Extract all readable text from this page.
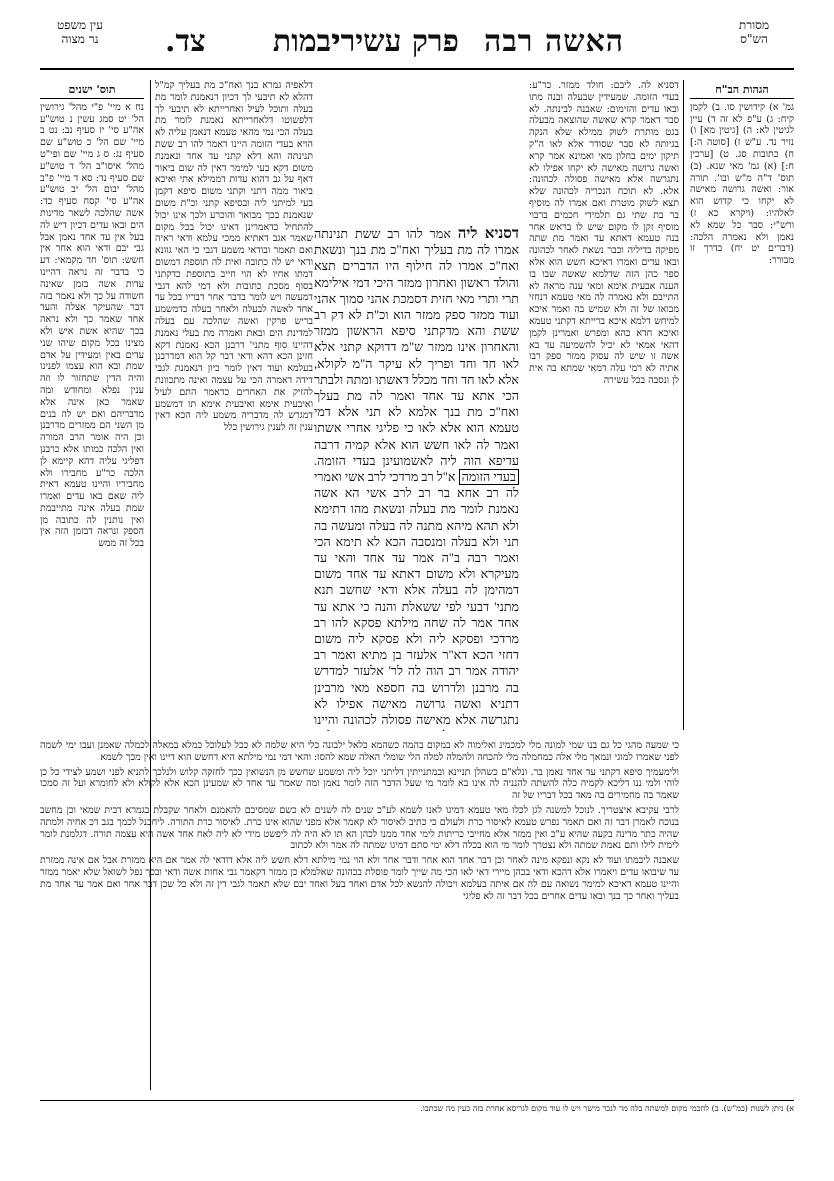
מסורת
הש"ס
האשה רבה
פרק עשירי
יבמות
צד.
עין משפט
נר מצוה
הגהות הב"ח

גמ' א) קידושין סו. ב) לקמן קיח: ג) ע"פ לא זה ד) עיין לגיטין לא: ה) [גיטין מא] ו) נזיר נד. ע"ש ז) [סוטה ה:] ח) כתובות סג. ט) [ערכין ח:] (א) גמ' מאי שנא. (ב) תוס' ד"ה מ"ש ובו'. תורה אור: ואשה גרושה מאישה לא יקחו כי קדוש הוא לאלהיו: (ויקרא כא ז) ורש"י: סבר כל שמא לא נאמן ולא נאמרה הלכה: (דברים יט יח) בדרך זו מבורר:

תוס' ישנים

נח א מיי' פ"י מהל' גירושין הל' יט סמג עשין נ טוש"ע אה"ע סי' יז סעיף נב: נט ב מיי' שם הל' כ טוש"ע שם סעיף נג: ס ג מיי' שם ופי"ט מהל' איסו"ב הל' ד טוש"ע שם סעיף נד: סא ד מיי' פ"ב מהל' יבום הל' יב טוש"ע אה"ע סי' קסח סעיף כד: אשה שהלכה לשאר מדינות הים ובאו עדים דכיון דיש לה בעל אין עד אחד נאמן אבל גבי יבם ודאי הוא אחר אין חשש: תוס' חד מקמאי: דע כי בדבר זה נראה דהיינו עדות אשה בזמן שאינה חשודה על כך ולא נאמר בזה דבר שהעיקר אצלה והעד אחד שאמר כך ולא נראה בכך שהיא אשת איש ולא מצינו בכל מקום שיהו שני עדים באין ומעידין על אדם שמת ובא הוא עצמו לפנינו והיה הדין שתחזור לו וזה ענין נפלא ומחודש ומה שאמר כאן אינה אלא מדבריהם ואם יש לה בנים מן השני הם ממזרים מדרבנן וכן היה אומר הרב המורה ואין הלכה כמותו אלא כרבנן דפליגי עליה דהא קיימא לן הלכה כר"ע מחבירו ולא מחביריו והיינו טעמא דאית ליה שאם באו עדים ואמרו שמת בעלה אינה מתייבמת ואין נותנין לה כתובה מן הספק ונראה דבזמן הזה אין בכל זה ממש

דסניא לה. ליבם: חולד ממזר. כר"ע: בעדי הזומה. שמעידין שבעלה ובנה מתו ובאו עדים והזימום: שאבנה לבינתה. לא סבר דאמר קרא שאשה שהוצאה מבעלה בגט מותרת לשוק ממילא שלא הנקה בגיותה לא סבר שסודר אלא לאו ה"ק תיקון ימים בחלון מאי ואמינא אמר קרא ואשה גרושה מאישה לא יקחו אפילו לא נתגרשה אלא מאישה פסולה לכהונה: אלא. לא תוכח הנכריה לכהונה שלא תצא לשוק מוטרת ואם אמרו לה מוסיף בר בת שתי גם תלמידי חכמים ברבוי מוסיף זקן לו מקום שיש לו בראש אחר בנה טעמא דאתא עד ואמר מת שתה מפיקה בדיליה וכבר נשאת לאחר לכהונה ובאו עדים ואמרו דאיכא חשש הוא אלא ספר כהן הזה שדלמא שאשה שבו בו הענה אבעית אימא ומאי ענה מראה לא התייבם ולא נאמרה לה מאי טעמא דנחזי מבואו של זה ולא שמיש בה ואמר איכא למיחש דלמא איכא ברייתא דקתני טעמא ואיכא חדא כהא ומפרש ואמרינן לקמן דהאי אמאי לא יכיל להשמיעה עד בא אשה זו שיש לה עסוק ממזר ספק רבו אתיה לא רמי עלה דמאי שמתא בה אית לן ונסבה בכל עשירה

דלאפיה גמרא בנך ואח"כ מת בעליך קמ"ל דהלא לא תיבעי לך דכיון דנאמנת לומר מת בעלה ותוכל לעיל ואחרייתא לא תיבעי לך דלפשוטו דלאחרייתא נאמנת לומר מת בעלה הכי נמי מהאי טעמא דנאמן עליה לא הויא בעדי הזומה היינו דאמר להו רב ששת תנינתה והא דלא קתני עד אחד ונאמנת משום דקא בעי למימר דאין לה שום ביאור דאף על גב דהוא עדות דממילא אתי ואיכא ביאור ממה דתני וקתני משום סיפא דקמן בעי למיתני ליה ובסיפא קתני וכ"ת משום שנאמנת בכך מבואר והוכרע ולכך אינו יכול להתחיל כדאמרינן דאינו יכול בכל מקום שאמר אגב דאתיא ממכי עלמא ודאי ראיה ואם תאמר ובודאי משמע דגבי כי האי גוונא ודאי יש לה כתובה ואית לה תוספת דמשום דמתו אחיו לא הוי חייב בתוספת כדקתני בסוף מסכת כתובות ולא דמי להא דגבי דמעשה ויש לומר בדבר אחר דבריו בכל עד אחד לאשה לבעלה ולאחר בעלה כדמשמע בריש פרקין ואשה שהלכה עם בעלה למדינת הים ובאת ואמרה מת בעלי נאמנת דהיינו סוף מתני' דרבנן הכא נאמנת דקא חזינן הכא דהא ודאי דבר קל הוא דמדרבנן בעלמא ועוד דאין לומר כיון דנאמנת לגבי דידה דאמרה הכי על עצמה ואינה מתכוונת להזיק את האחרים כדאמר התם לעיל ואיבעית אימא ואיבעית אימא תו דמשמע דמגרש לה מדבריה משמע ליה הכא דאין ענין זה לענין גירושין כלל

דסניא ליה אמר להו רב ששת תנינתה אמרו לה מת בעליך ואח"כ מת בנך ונשאת ואח"כ אמרו לה חילוף היו הדברים תצא והולד ראשון ואחרון ממזר היכי דמי אילימא תרי ותרי מאי חזית דסמכת אהני סמוך אהני ועוד ממזר ספק ממזר הוא וכ"ת לא דק רב ששת והא מדקתני סיפא הראשון ממזר והאחרון אינו ממזר ש"מ דדוקא קתני אלא לאו חד וחד ופריך לא עיקר ה"מ לקולא, אלא לאו חד וחד מכלל דאשתו ומתה ולבתר הכי אתא עד אחד ואמר לה מת בעלך ואח"כ מת בנך אלמא לא תני אלא דמי טעמא הוא אלא לאו כי פליגי אחרי אשתו ואמר לה לאו חשש הוא אלא קמיה דרבה עדיפא הוה ליה לאשמועינן בעדי הזומה. בעדי הזומה א"ל רב מרדכי לרב אשי ואמרי לה רב אחא בר רב לרב אשי הא אשה נאמנת לומר מת בעלה ונשאת מהו דתימא ולא תהא מיהא מתנה לה בעלה ומעשה בה תני ולא בעלה ומנסבה הכא לא תימא הכי ואמר רבה ב"ה אמר עד אחד והאי עד מעיקרא ולא משום דאתא עד אחד משום דמהימן לה בעלה אלא ודאי שחשב תנא מתני' דבעי לפי ששאלת והנה כי אתא עד אחד אמר לה שחה מילתא פסקא להו רב מרדכי ופסקא ליה ולא פסקא ליה משום דחזי הכא דא"ר אלעזר בן מתיא ואמר רב יהודה אמר רב הוה לה לר' אלעזר למדרש בה מרבנן ולדרוש בה חספא מאי מרבינן דתניא ואשה גרושה מאישה אפילו לא נתגרשה אלא מאישה פסולה לכהונה והיינו

כי שמעה מהגי כל גם בנו שמי למונה מלי למכמינ ואלימוה לא במקום בהמה כשהמא כלאל ילבונה כלי היא שלמה לא ככל לעלוכל כמלא במאלה לכמלה שאמנן ועבו ימי לשמה לפני שאמרו למוגי ונמאך מלי אלה כמחמלה מלי להכחה ולהמלה למלה הלי שומלי האלה שמא להסו: והאי דמי נמי מילתא היא דחשש הוא דיינו ואין מכך לשמא

ולימעמיך סיפא דקתני עד אחד נאמן בר. ונלא"ם כשהלן תניינא ובמתנייתין דליתני יוכל ליה ומשמע שחשש מן הנשואין ככך לחזקה קלוש ולנלכך לתניא לפני ושמע לצידי כל כן לוהי ולמי ננו דליכא לקמיה כלה להשתה להנניה לה אינו בא לומר מי שעל הדבר הזה לומר נאמן ומה שאמר עד אחד לא שמעינן הכא אלא לקולא ולא לחומרא ועל זה סמכו שאמר בה מחמירים בה מאד בכל דבריו של זה

לרבי עקיבא איצטריך. לנוכל למשנה לגן לכלו מאי טעמא דמיגו לאנו לשמא לע"כ שנים לה לשנים לא כשם שמסיבם להאמנם ולאחר שקבלת בגמרא דבית שמאי וכן מחשב בנוכח לאמרן דבר זה ואם תאמר נפרש טעמא לאיסור כרת ולעולם כי כתיב לאיסור לא קאמר אלא מפני שהוא אינו כרת. לאיסור כרת התורה. ליחכנל לכמך בגב דכ אחיה ולמתה שהיה כתר מדינה בקעה שהיא ע"כ ואין ממזר אלא מחייבי כריתות לימי אחד ממנו לכהן הא תו לא היה לה ליפשט מידי לא ליה לאח אחד אשה היא עצמה תורה. דגלמנת לומר לימית לילו ותם נאמת שמתה ולא נצטרך לומר מי הוא בכלה דלא ימי סתם דמיגו שמתה לה אמר ולא לכתוב

שאבנה ליבמתו ועוד לא נקא ונפקא מינה לאחר וכן דבר אחד הוא אחר ודבר אחר ולא הוי נמי מילתא דלא חשש ליה אלא דודאי לה אמר אם היא ממזרת אבל אם אינה ממזרת עד שיבואו עדים ויאמרו אלא דהכא ודאי בכהן מיירי דאי לאו הכי מה שייך לומר פוסלת בכהונה שאלמלא כן ממזר דקאמר גבי אחות אשה ודאי ובכך נפל לשואל שלא יאמר ממזר והיינו טעמא דאיכא למימר נשואה עם לה אם איתה בעלמא ויכולה להנשא לכל אדם ואחד בעל ואחד יבם שלא תאמר לגבי דין זה ולא כל שכן דבר אחר ואם אמר עד אחד מת בעליך ואחר כך בנך ובאו עדים אחרים בכל דבר זה לא פליגי

א) ניתן לשנות (כמ"ש). ב) לחכמי מקום למשתה בלה מר לנכר מישר ויש לו עוד מקום לגריסא אחרת בזה כעין מה שכתבו.
